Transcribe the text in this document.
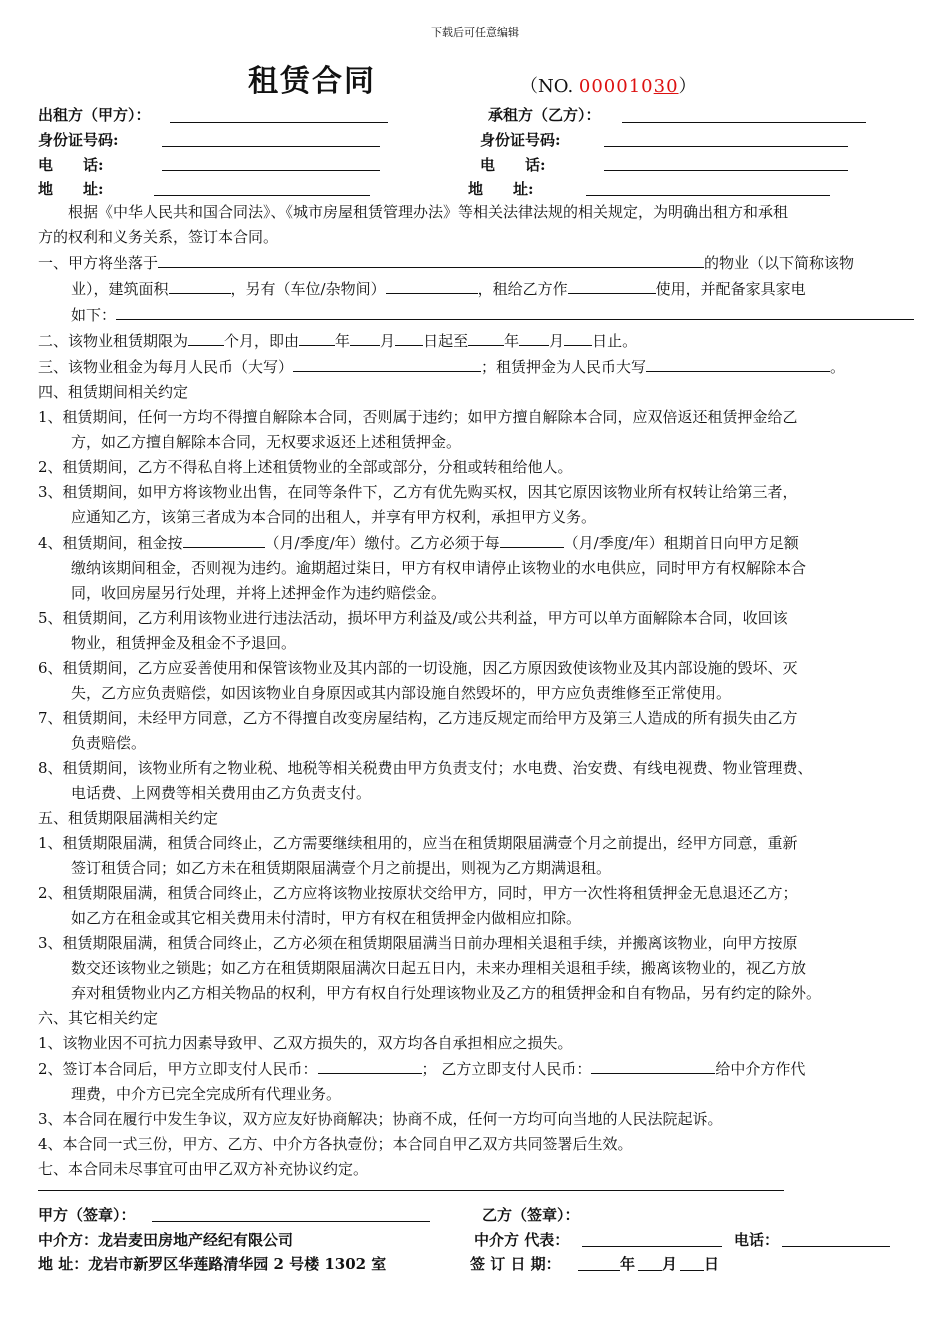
下载后可任意编辑
租赁合同	（NO. 00001030）
出租方（甲方）：	承租方（乙方）：
身份证号码:	身份证号码:
电　　话:	电　　话:
地　　址:	地　　址:
根据《中华人民共和国合同法》、《城市房屋租赁管理办法》等相关法律法规的相关规定，为明确出租方和承租
方的权利和义务关系，签订本合同。
一、甲方将坐落于	的物业（以下简称该物
业），建筑面积	，另有（车位/杂物间）	，租给乙方作	使用，并配备家具家电
如下：
二、该物业租赁期限为 个月，即由 年 月 日起至 年 月 日止。
三、该物业租金为每月人民币（大写）	；租赁押金为人民币大写	。
四、租赁期间相关约定
1、租赁期间，任何一方均不得擅自解除本合同，否则属于违约；如甲方擅自解除本合同，应双倍返还租赁押金给乙
方，如乙方擅自解除本合同，无权要求返还上述租赁押金。
2、租赁期间，乙方不得私自将上述租赁物业的全部或部分，分租或转租给他人。
3、租赁期间，如甲方将该物业出售，在同等条件下，乙方有优先购买权，因其它原因该物业所有权转让给第三者，
应通知乙方，该第三者成为本合同的出租人，并享有甲方权利，承担甲方义务。
4、租赁期间，租金按	（月/季度/年）缴付。乙方必须于每	（月/季度/年）租期首日向甲方足额
缴纳该期间租金，否则视为违约。逾期超过柒日，甲方有权申请停止该物业的水电供应，同时甲方有权解除本合
同，收回房屋另行处理，并将上述押金作为违约赔偿金。
5、租赁期间，乙方利用该物业进行违法活动，损坏甲方利益及/或公共利益，甲方可以单方面解除本合同，收回该
物业，租赁押金及租金不予退回。
6、租赁期间，乙方应妥善使用和保管该物业及其内部的一切设施，因乙方原因致使该物业及其内部设施的毁坏、灭
失，乙方应负责赔偿，如因该物业自身原因或其内部设施自然毁坏的，甲方应负责维修至正常使用。
7、租赁期间，未经甲方同意，乙方不得擅自改变房屋结构，乙方违反规定而给甲方及第三人造成的所有损失由乙方
负责赔偿。
8、租赁期间，该物业所有之物业税、地税等相关税费由甲方负责支付；水电费、治安费、有线电视费、物业管理费、
电话费、上网费等相关费用由乙方负责支付。
五、租赁期限届满相关约定
1、租赁期限届满，租赁合同终止，乙方需要继续租用的，应当在租赁期限届满壹个月之前提出，经甲方同意，重新
签订租赁合同；如乙方未在租赁期限届满壹个月之前提出，则视为乙方期满退租。
2、租赁期限届满，租赁合同终止，乙方应将该物业按原状交给甲方，同时，甲方一次性将租赁押金无息退还乙方；
如乙方在租金或其它相关费用未付清时，甲方有权在租赁押金内做相应扣除。
3、租赁期限届满，租赁合同终止，乙方必须在租赁期限届满当日前办理相关退租手续，并搬离该物业，向甲方按原
数交还该物业之锁匙；如乙方在租赁期限届满次日起五日内，未来办理相关退租手续，搬离该物业的，视乙方放
弃对租赁物业内乙方相关物品的权利，甲方有权自行处理该物业及乙方的租赁押金和自有物品，另有约定的除外。
六、其它相关约定
1、该物业因不可抗力因素导致甲、乙双方损失的，双方均各自承担相应之损失。
2、签订本合同后，甲方立即支付人民币：	； 乙方立即支付人民币：	给中介方作代
理费，中介方已完全完成所有代理业务。
3、本合同在履行中发生争议，双方应友好协商解决；协商不成，任何一方均可向当地的人民法院起诉。
4、本合同一式三份，甲方、乙方、中介方各执壹份；本合同自甲乙双方共同签署后生效。
七、本合同未尽事宜可由甲乙双方补充协议约定。
甲方（签章）：	乙方（签章）：
中介方：龙岩麦田房地产经纪有限公司	中介方 代表：	电话：
地 址：龙岩市新罗区华莲路清华园 2 号楼 1302 室	签 订 日 期：	年 月 日
